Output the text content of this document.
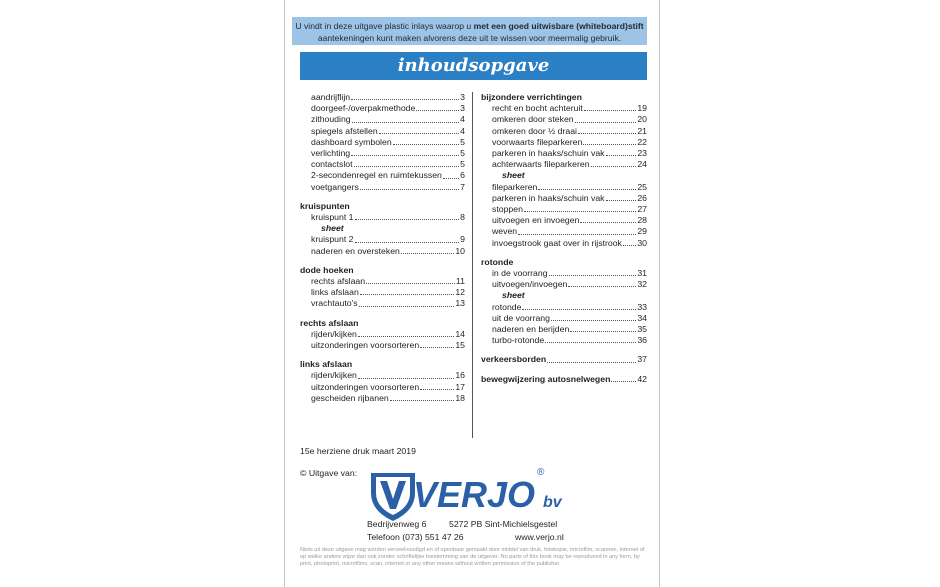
U vindt in deze uitgave plastic inlays waarop u met een goed uitwisbare (whiteboard)stift
aantekeningen kunt maken alvorens deze uit te wissen voor meermalig gebruik.
inhoudsopgave
aandrijflijn	3
doorgeef-/overpakmethode	3
zithouding	4
spiegels afstellen	4
dashboard symbolen	5
verlichting	5
contactslot	5
2-secondenregel en ruimtekussen 6
voetgangers	7
kruispunten
kruispunt 1	8
sheet
kruispunt 2	9
naderen en oversteken	10
dode hoeken
rechts afslaan	11
links afslaan	12
vrachtauto's	13
rechts afslaan
rijden/kijken	14
uitzonderingen voorsorteren	15
links afslaan
rijden/kijken	16
uitzonderingen voorsorteren	17
gescheiden rijbanen	18
bijzondere verrichtingen
recht en bocht achteruit	19
omkeren door steken	20
omkeren door ½ draai	21
voorwaarts fileparkeren	22
parkeren in haaks/schuin vak	23
achterwaarts fileparkeren	24
sheet
fileparkeren	25
parkeren in haaks/schuin vak	26
stoppen	27
uitvoegen en invoegen	28
weven	29
invoegstrook gaat over in rijstrook 30
rotonde
in de voorrang	31
uitvoegen/invoegen	32
sheet
rotonde	33
uit de voorrang	34
naderen en berijden	35
turbo-rotonde	36
verkeersborden	37
bewegwijzering autosnelwegen	42
15e herziene druk maart 2019
© Uitgave van:
VERJO bv
®
Bedrijvenweg 6	5272 PB Sint-Michielsgestel
Telefoon (073) 551 47 26	www.verjo.nl
Niets uit deze uitgave mag worden verveelvoudigd en of openbaar gemaakt door middel van druk, fotokopie, microfilm, scannen, internet of op welke andere wijze dan ook zonder schriftelijke toestemming van de uitgever. No parts of this book may be reproduced in any form, by print, photoprint, microfilms, scan, internet or any other means without written permission of the publisher.
